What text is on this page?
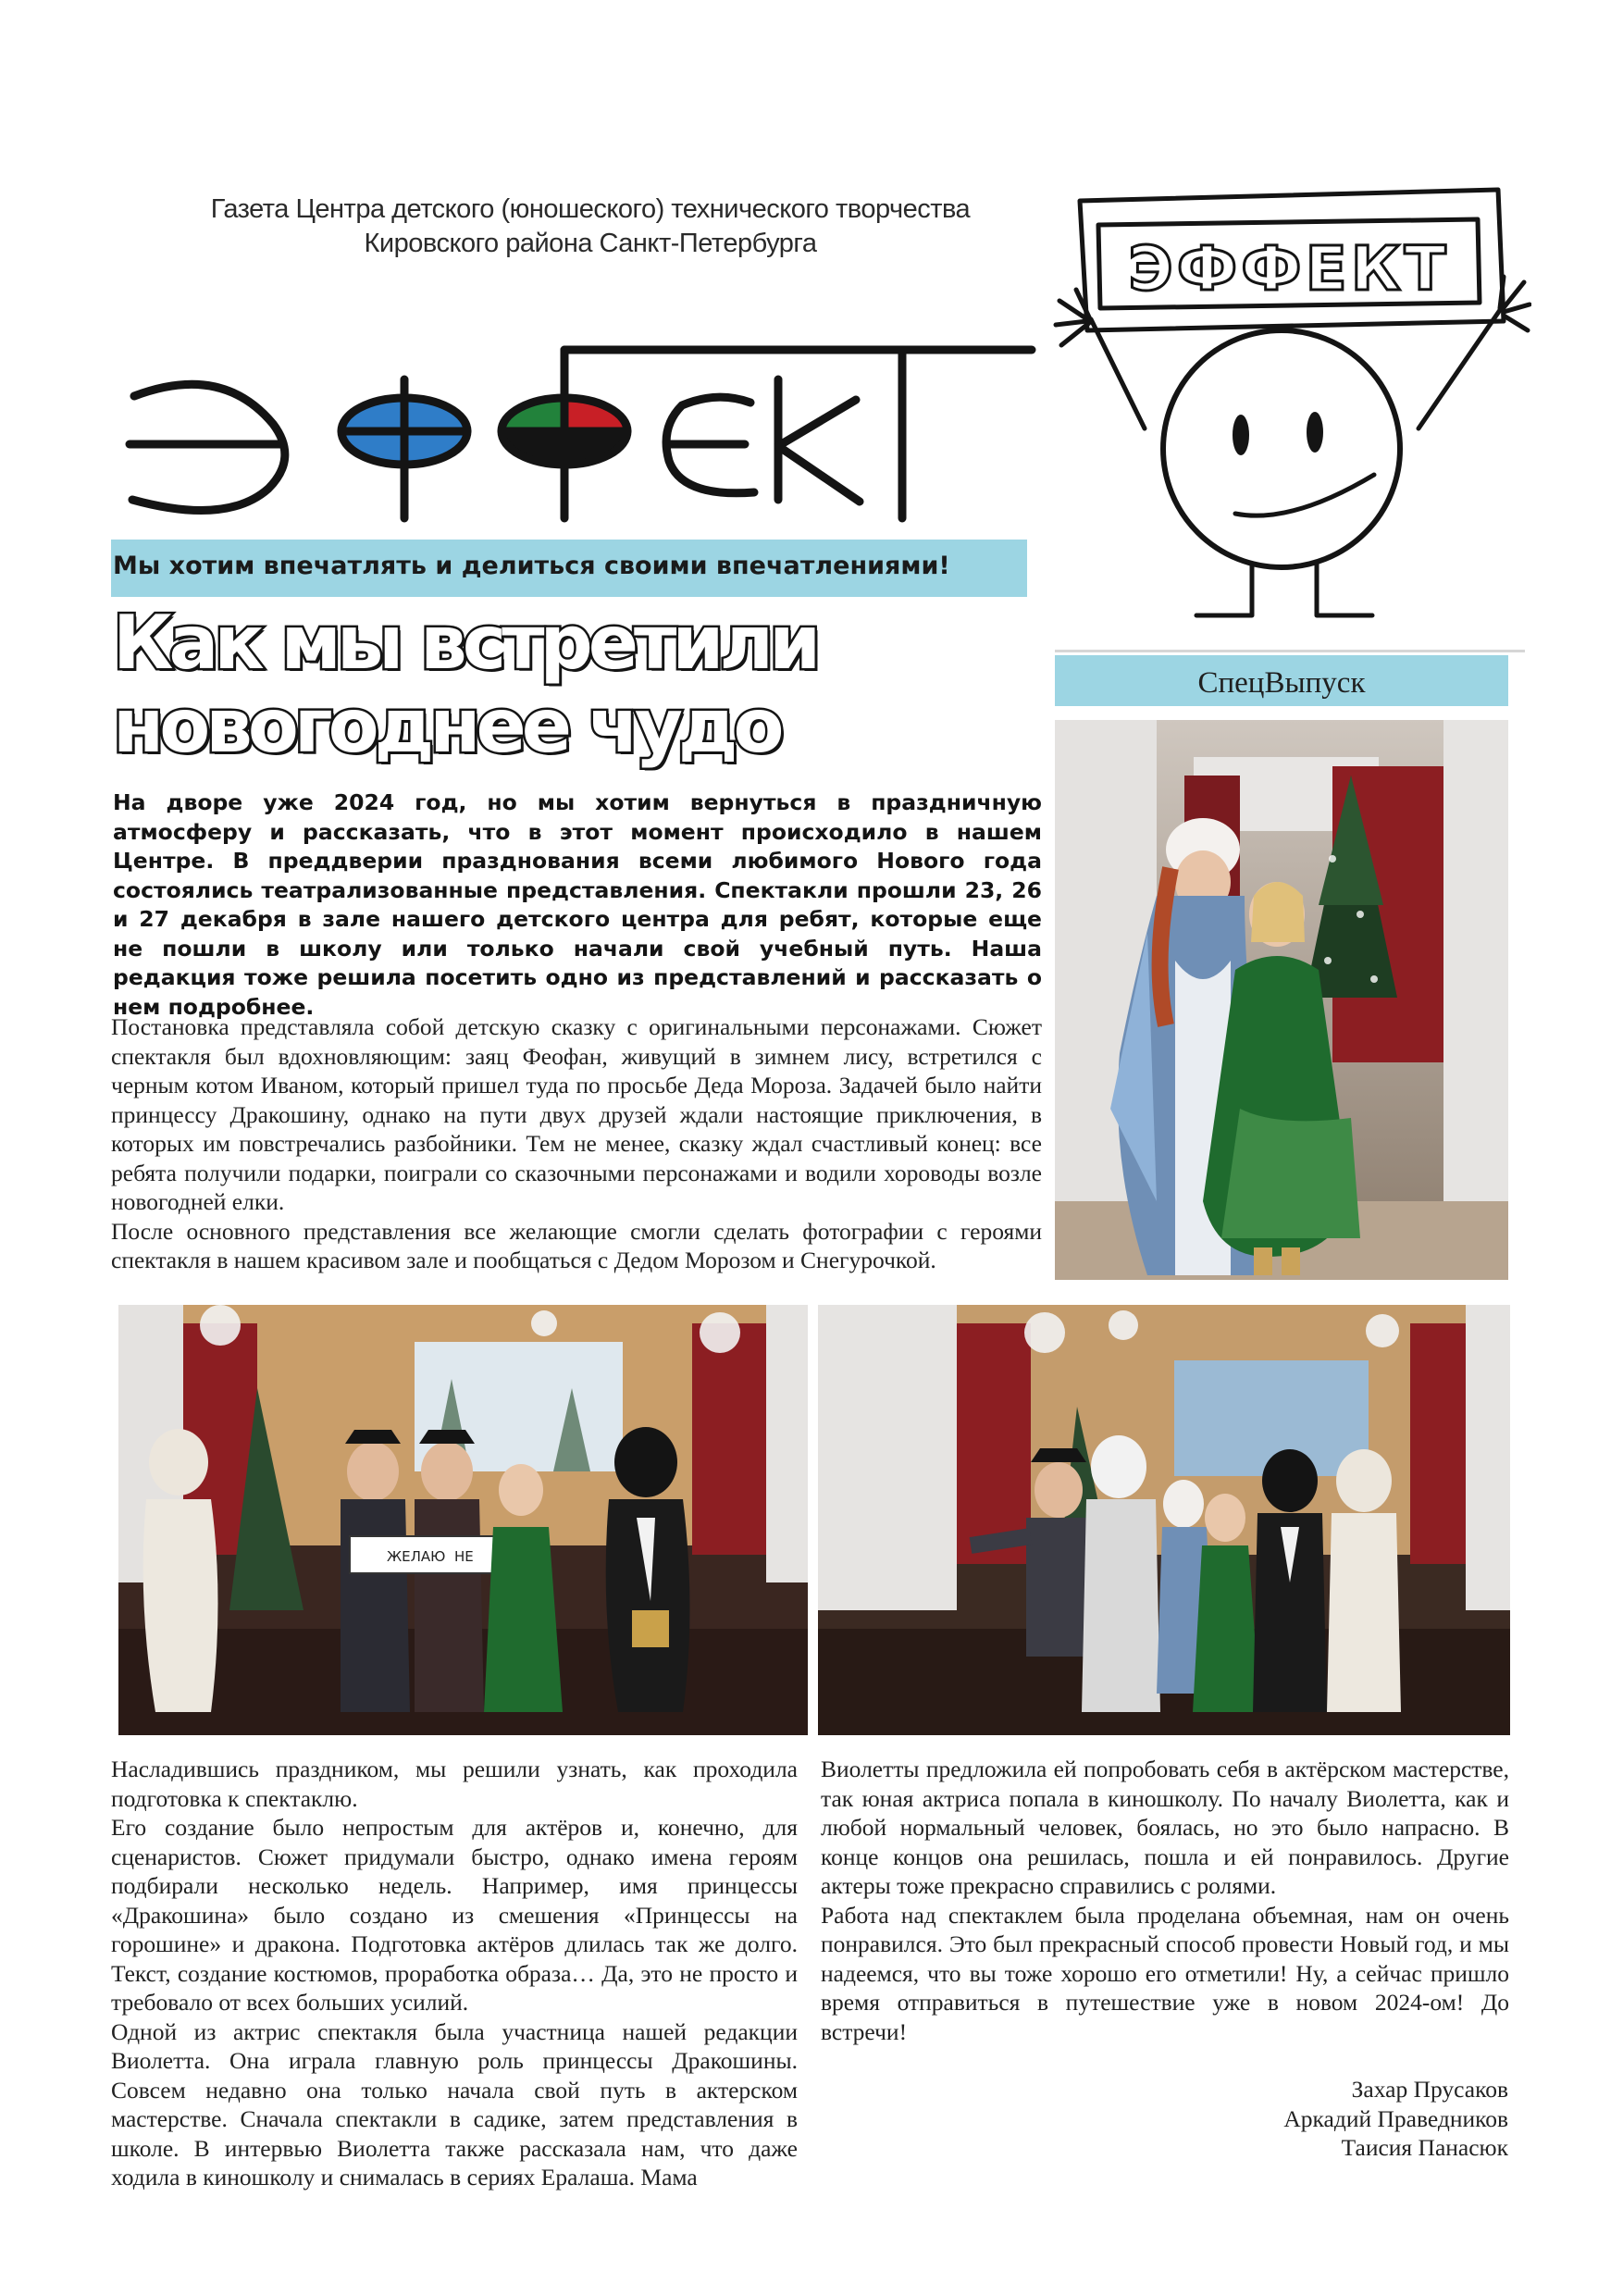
Газета Центра детского (юношеского) технического творчества
Кировского района Санкт-Петербурга	ЭФФЕКТ
Мы хотим впечатлять и делиться своими впечатлениями!
Как мы встретили
новогоднее чудо	СпецВыпуск
На дворе уже 2024 год, но мы хотим вернуться в праздничную атмосферу и рассказать, что в этот момент происходило в нашем Центре. В преддверии празднования всеми любимого Нового года состоялись театрализованные представления. Спектакли прошли 23, 26 и 27 декабря в зале нашего детского центра для ребят, которые еще не пошли в школу или только начали свой учебный путь. Наша редакция тоже решила посетить одно из представлений и рассказать о нем подробнее.

Постановка представляла собой детскую сказку с оригинальными персонажами. Сюжет спектакля был вдохновляющим: заяц Феофан, живущий в зимнем лису, встретился с черным котом Иваном, который пришел туда по просьбе Деда Мороза. Задачей было найти принцессу Дракошину, однако на пути двух друзей ждали настоящие приключения, в которых им повстречались разбойники. Тем не менее, сказку ждал счастливый конец: все ребята получили подарки, поиграли со сказочными персонажами и водили хороводы возле новогодней елки.

После основного представления все желающие смогли сделать фотографии с героями спектакля в нашем красивом зале и пообщаться с Дедом Морозом и Снегурочкой.

ЖЕЛАЮ НЕ

Насладившись праздником, мы решили узнать, как проходила подготовка к спектаклю.

Его создание было непростым для актёров и, конечно, для сценаристов. Сюжет придумали быстро, однако имена героям подбирали несколько недель. Например, имя принцессы «Дракошина» было создано из смешения «Принцессы на горошине» и дракона. Подготовка актёров длилась так же долго. Текст, создание костюмов, проработка образа… Да, это не просто и требовало от всех больших усилий.

Одной из актрис спектакля была участница нашей редакции Виолетта. Она играла главную роль принцессы Дракошины. Совсем недавно она только начала свой путь в актерском мастерстве. Сначала спектакли в садике, затем представления в школе. В интервью Виолетта также рассказала нам, что даже ходила в киношколу и снималась в сериях Ералаша. Мама

Виолетты предложила ей попробовать себя в актёрском мастерстве, так юная актриса попала в киношколу. По началу Виолетта, как и любой нормальный человек, боялась, но это было напрасно. В конце концов она решилась, пошла и ей понравилось. Другие актеры тоже прекрасно справились с ролями.

Работа над спектаклем была проделана объемная, нам он очень понравился. Это был прекрасный способ провести Новый год, и мы надеемся, что вы тоже хорошо его отметили! Ну, а сейчас пришло время отправиться в путешествие уже в новом 2024-ом! До встречи!

Захар Прусаков
Аркадий Праведников
Таисия Панасюк
